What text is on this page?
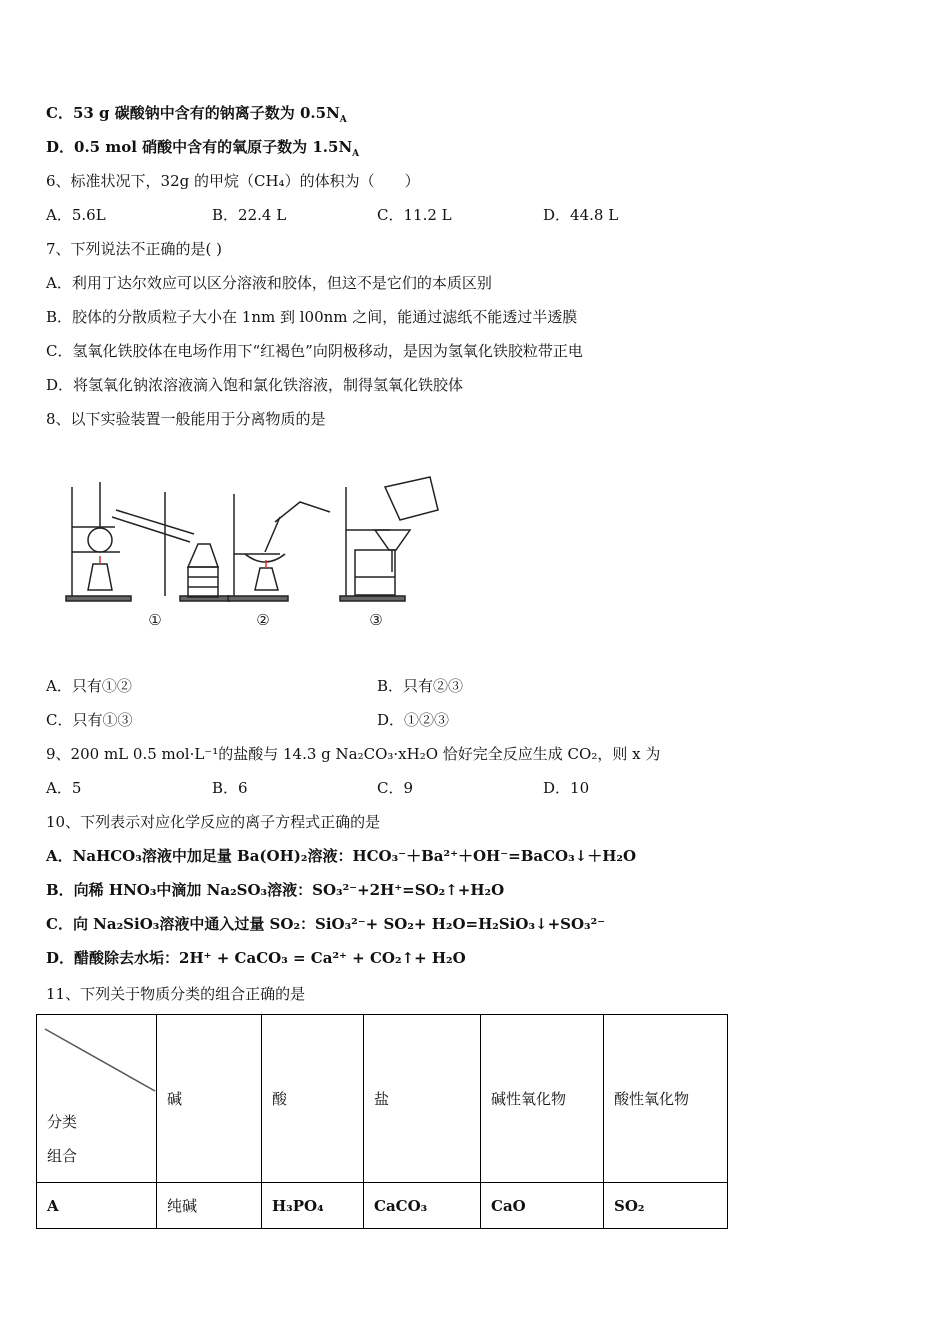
C．53 g 碳酸钠中含有的钠离子数为 $0.5N_A$
D．0.5 mol 硝酸中含有的氧原子数为 $1.5N_A$
6、标准状况下，32g 的甲烷（CH₄）的体积为（　　）
A．5.6L	B．22.4 L	C．11.2 L	D．44.8 L
7、下列说法不正确的是( )
A．利用丁达尔效应可以区分溶液和胶体，但这不是它们的本质区别
B．胶体的分散质粒子大小在 1nm 到 l00nm 之间，能通过滤纸不能透过半透膜
C．氢氧化铁胶体在电场作用下“红褐色”向阴极移动，是因为氢氧化铁胶粒带正电
D．将氢氧化钠浓溶液滴入饱和氯化铁溶液，制得氢氧化铁胶体
8、以下实验装置一般能用于分离物质的是
①	②	③
A．只有①②	B．只有②③
C．只有①③	D．①②③
9、200 mL 0.5 mol·L⁻¹的盐酸与 14.3 g Na₂CO₃·xH₂O 恰好完全反应生成 CO₂，则 x 为
A．5	B．6	C．9	D．10
10、下列表示对应化学反应的离子方程式正确的是
A．NaHCO₃溶液中加足量 Ba(OH)₂溶液：HCO₃⁻＋Ba²⁺＋OH⁻=BaCO₃↓＋H₂O
B．向稀 HNO₃中滴加 Na₂SO₃溶液：SO₃²⁻+2H⁺=SO₂↑+H₂O
C．向 Na₂SiO₃溶液中通入过量 SO₂：SiO₃²⁻+ SO₂+ H₂O=H₂SiO₃↓+SO₃²⁻
D．醋酸除去水垢：2H⁺ + CaCO₃ = Ca²⁺ + CO₂↑+ H₂O
11、下列关于物质分类的组合正确的是
分类
组合	碱	酸	盐	碱性氧化物	酸性氧化物
A	纯碱	H₃PO₄	CaCO₃	CaO	SO₂
